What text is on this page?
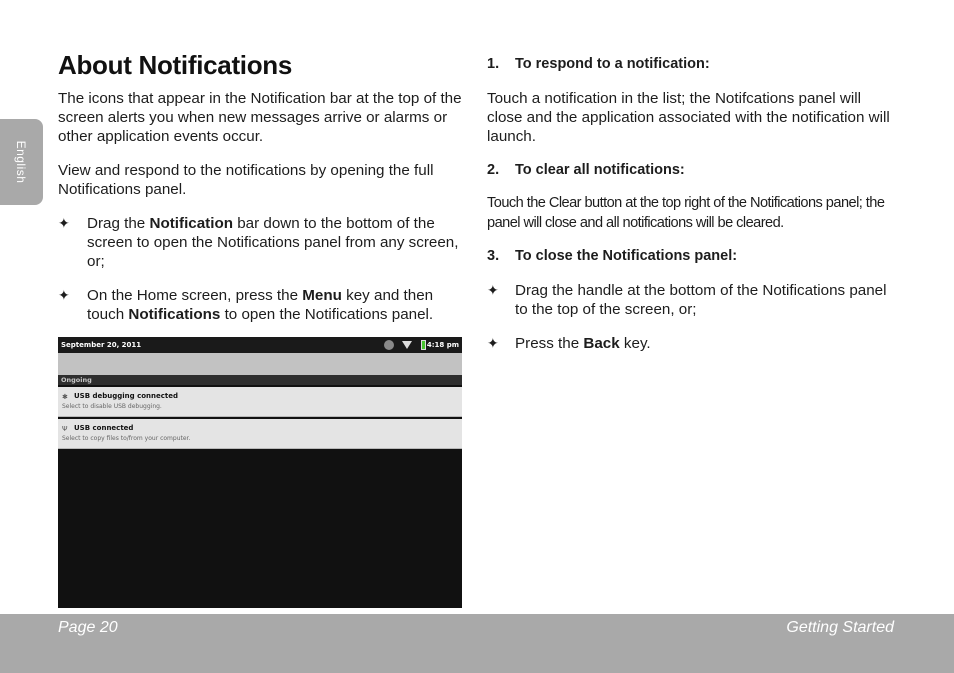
English
About Notifications

The icons that appear in the Notification bar at the top of the screen alerts you when new messages arrive or alarms or other application events occur.

View and respond to the notifications by opening the full Notifications panel.

✦ Drag the Notification bar down to the bottom of the screen to open the Notifications panel from any screen, or;
✦ On the Home screen, press the Menu key and then touch Notifications to open the Notifications panel.
September 20, 2011	4:18 pm
Ongoing
✱ USB debugging connected
Select to disable USB debugging.
Ψ USB connected
Select to copy files to/from your computer.
1. To respond to a notification:

Touch a notification in the list; the Notifcations panel will close and the application associated with the notification will launch.

2. To clear all notifications:

Touch the Clear button at the top right of the Notifications panel; the panel will close and all notifications will be cleared.

3. To close the Notifications panel:
✦ Drag the handle at the bottom of the Notifications panel to the top of the screen, or;
✦ Press the Back key.
Page 20	Getting Started
